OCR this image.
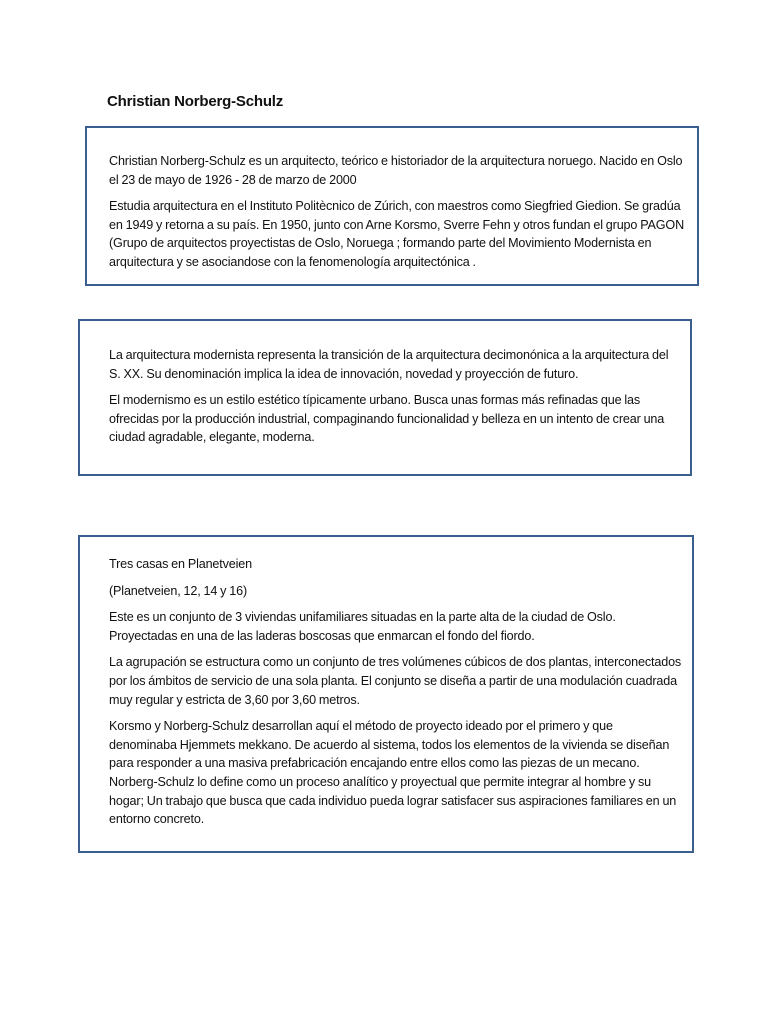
Christian Norberg-Schulz

Christian Norberg-Schulz es un arquitecto, teórico e historiador de la arquitectura noruego. Nacido en Oslo el 23 de mayo de 1926 - 28 de marzo de 2000

Estudia arquitectura en el Instituto Politècnico de Zúrich, con maestros como Siegfried Giedion. Se gradúa en 1949 y retorna a su país. En 1950, junto con Arne Korsmo, Sverre Fehn y otros fundan el grupo PAGON (Grupo de arquitectos proyectistas de Oslo, Noruega ; formando parte del Movimiento Modernista en arquitectura y se asociandose con la fenomenología arquitectónica .

La arquitectura modernista representa la transición de la arquitectura decimonónica a la arquitectura del S. XX. Su denominación implica la idea de innovación, novedad y proyección de futuro.

El modernismo es un estilo estético típicamente urbano. Busca unas formas más refinadas que las ofrecidas por la producción industrial, compaginando funcionalidad y belleza en un intento de crear una ciudad agradable, elegante, moderna.

Tres casas en Planetveien

(Planetveien, 12, 14 y 16)

Este es un conjunto de 3 viviendas unifamiliares situadas en la parte alta de la ciudad de Oslo. Proyectadas en una de las laderas boscosas que enmarcan el fondo del fiordo.

La agrupación se estructura como un conjunto de tres volúmenes cúbicos de dos plantas, interconectados por los ámbitos de servicio de una sola planta. El conjunto se diseña a partir de una modulación cuadrada muy regular y estricta de 3,60 por 3,60 metros.

Korsmo y Norberg-Schulz desarrollan aquí el método de proyecto ideado por el primero y que denominaba Hjemmets mekkano. De acuerdo al sistema, todos los elementos de la vivienda se diseñan para responder a una masiva prefabricación encajando entre ellos como las piezas de un mecano. Norberg-Schulz lo define como un proceso analítico y proyectual que permite integrar al hombre y su hogar; Un trabajo que busca que cada individuo pueda lograr satisfacer sus aspiraciones familiares en un entorno concreto.
